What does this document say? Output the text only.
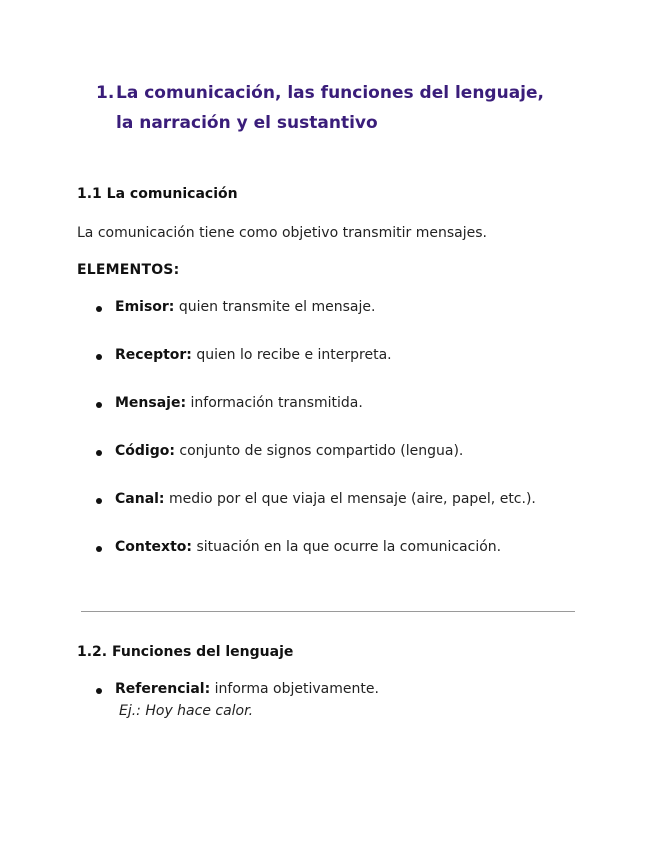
1. La comunicación, las funciones del lenguaje, la narración y el sustantivo
1.1 La comunicación

La comunicación tiene como objetivo transmitir mensajes.

ELEMENTOS:

Emisor: quien transmite el mensaje.
Receptor: quien lo recibe e interpreta.
Mensaje: información transmitida.
Código: conjunto de signos compartido (lengua).
Canal: medio por el que viaja el mensaje (aire, papel, etc.).
Contexto: situación en la que ocurre la comunicación.
1.2. Funciones del lenguaje
Referencial: informa objetivamente.
Ej.: Hoy hace calor.
